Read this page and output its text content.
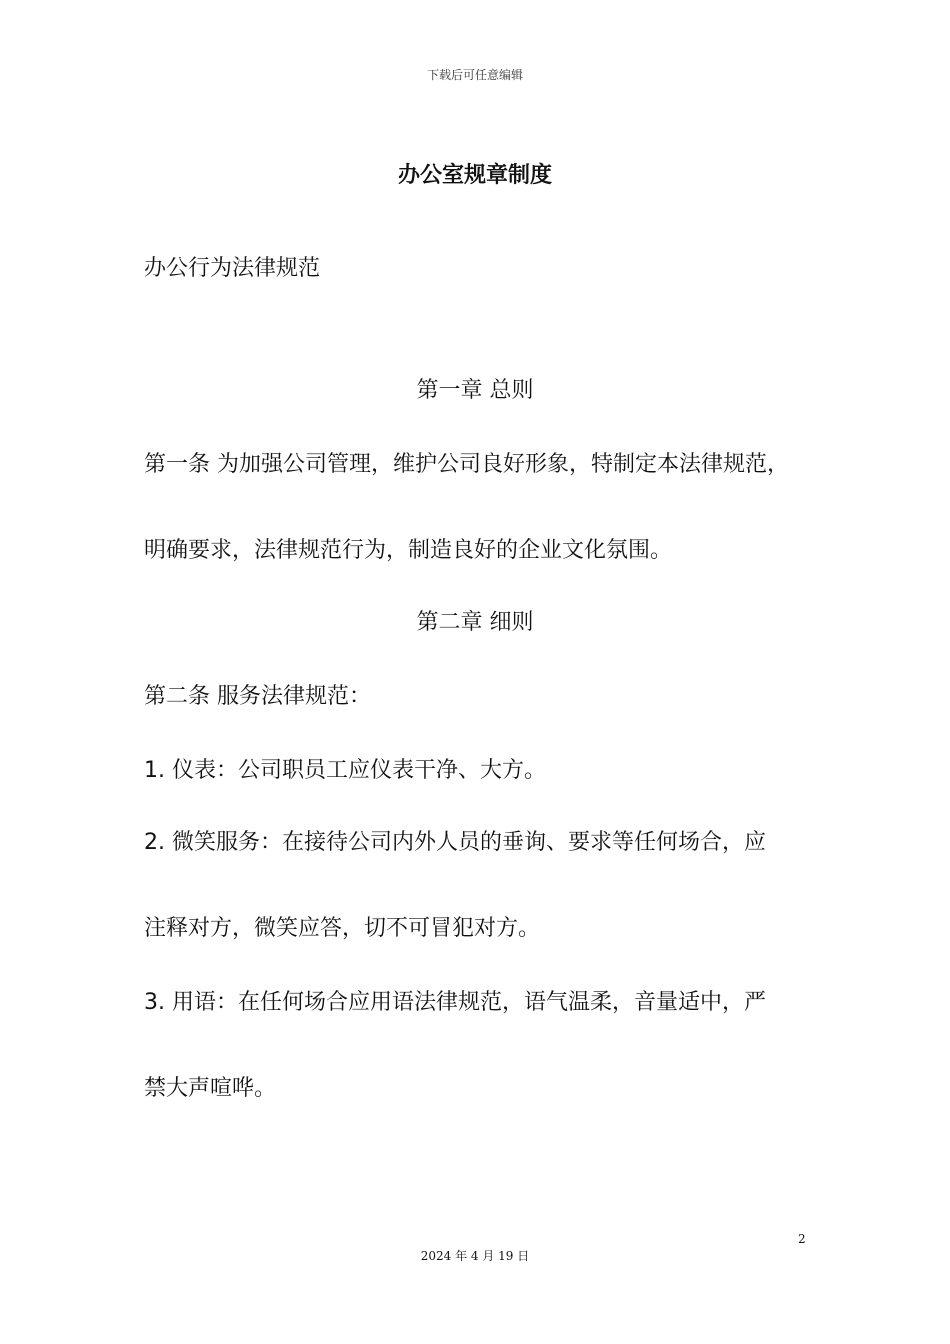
下载后可任意编辑
办公室规章制度
办公行为法律规范
第一章 总则
第一条 为加强公司管理，维护公司良好形象，特制定本法律规范，
明确要求，法律规范行为，制造良好的企业文化氛围。
第二章 细则
第二条 服务法律规范：
1. 仪表：公司职员工应仪表干净、大方。
2. 微笑服务：在接待公司内外人员的垂询、要求等任何场合，应
注释对方，微笑应答，切不可冒犯对方。
3. 用语：在任何场合应用语法律规范，语气温柔，音量适中，严
禁大声喧哗。
2
2024 年 4 月 19 日
